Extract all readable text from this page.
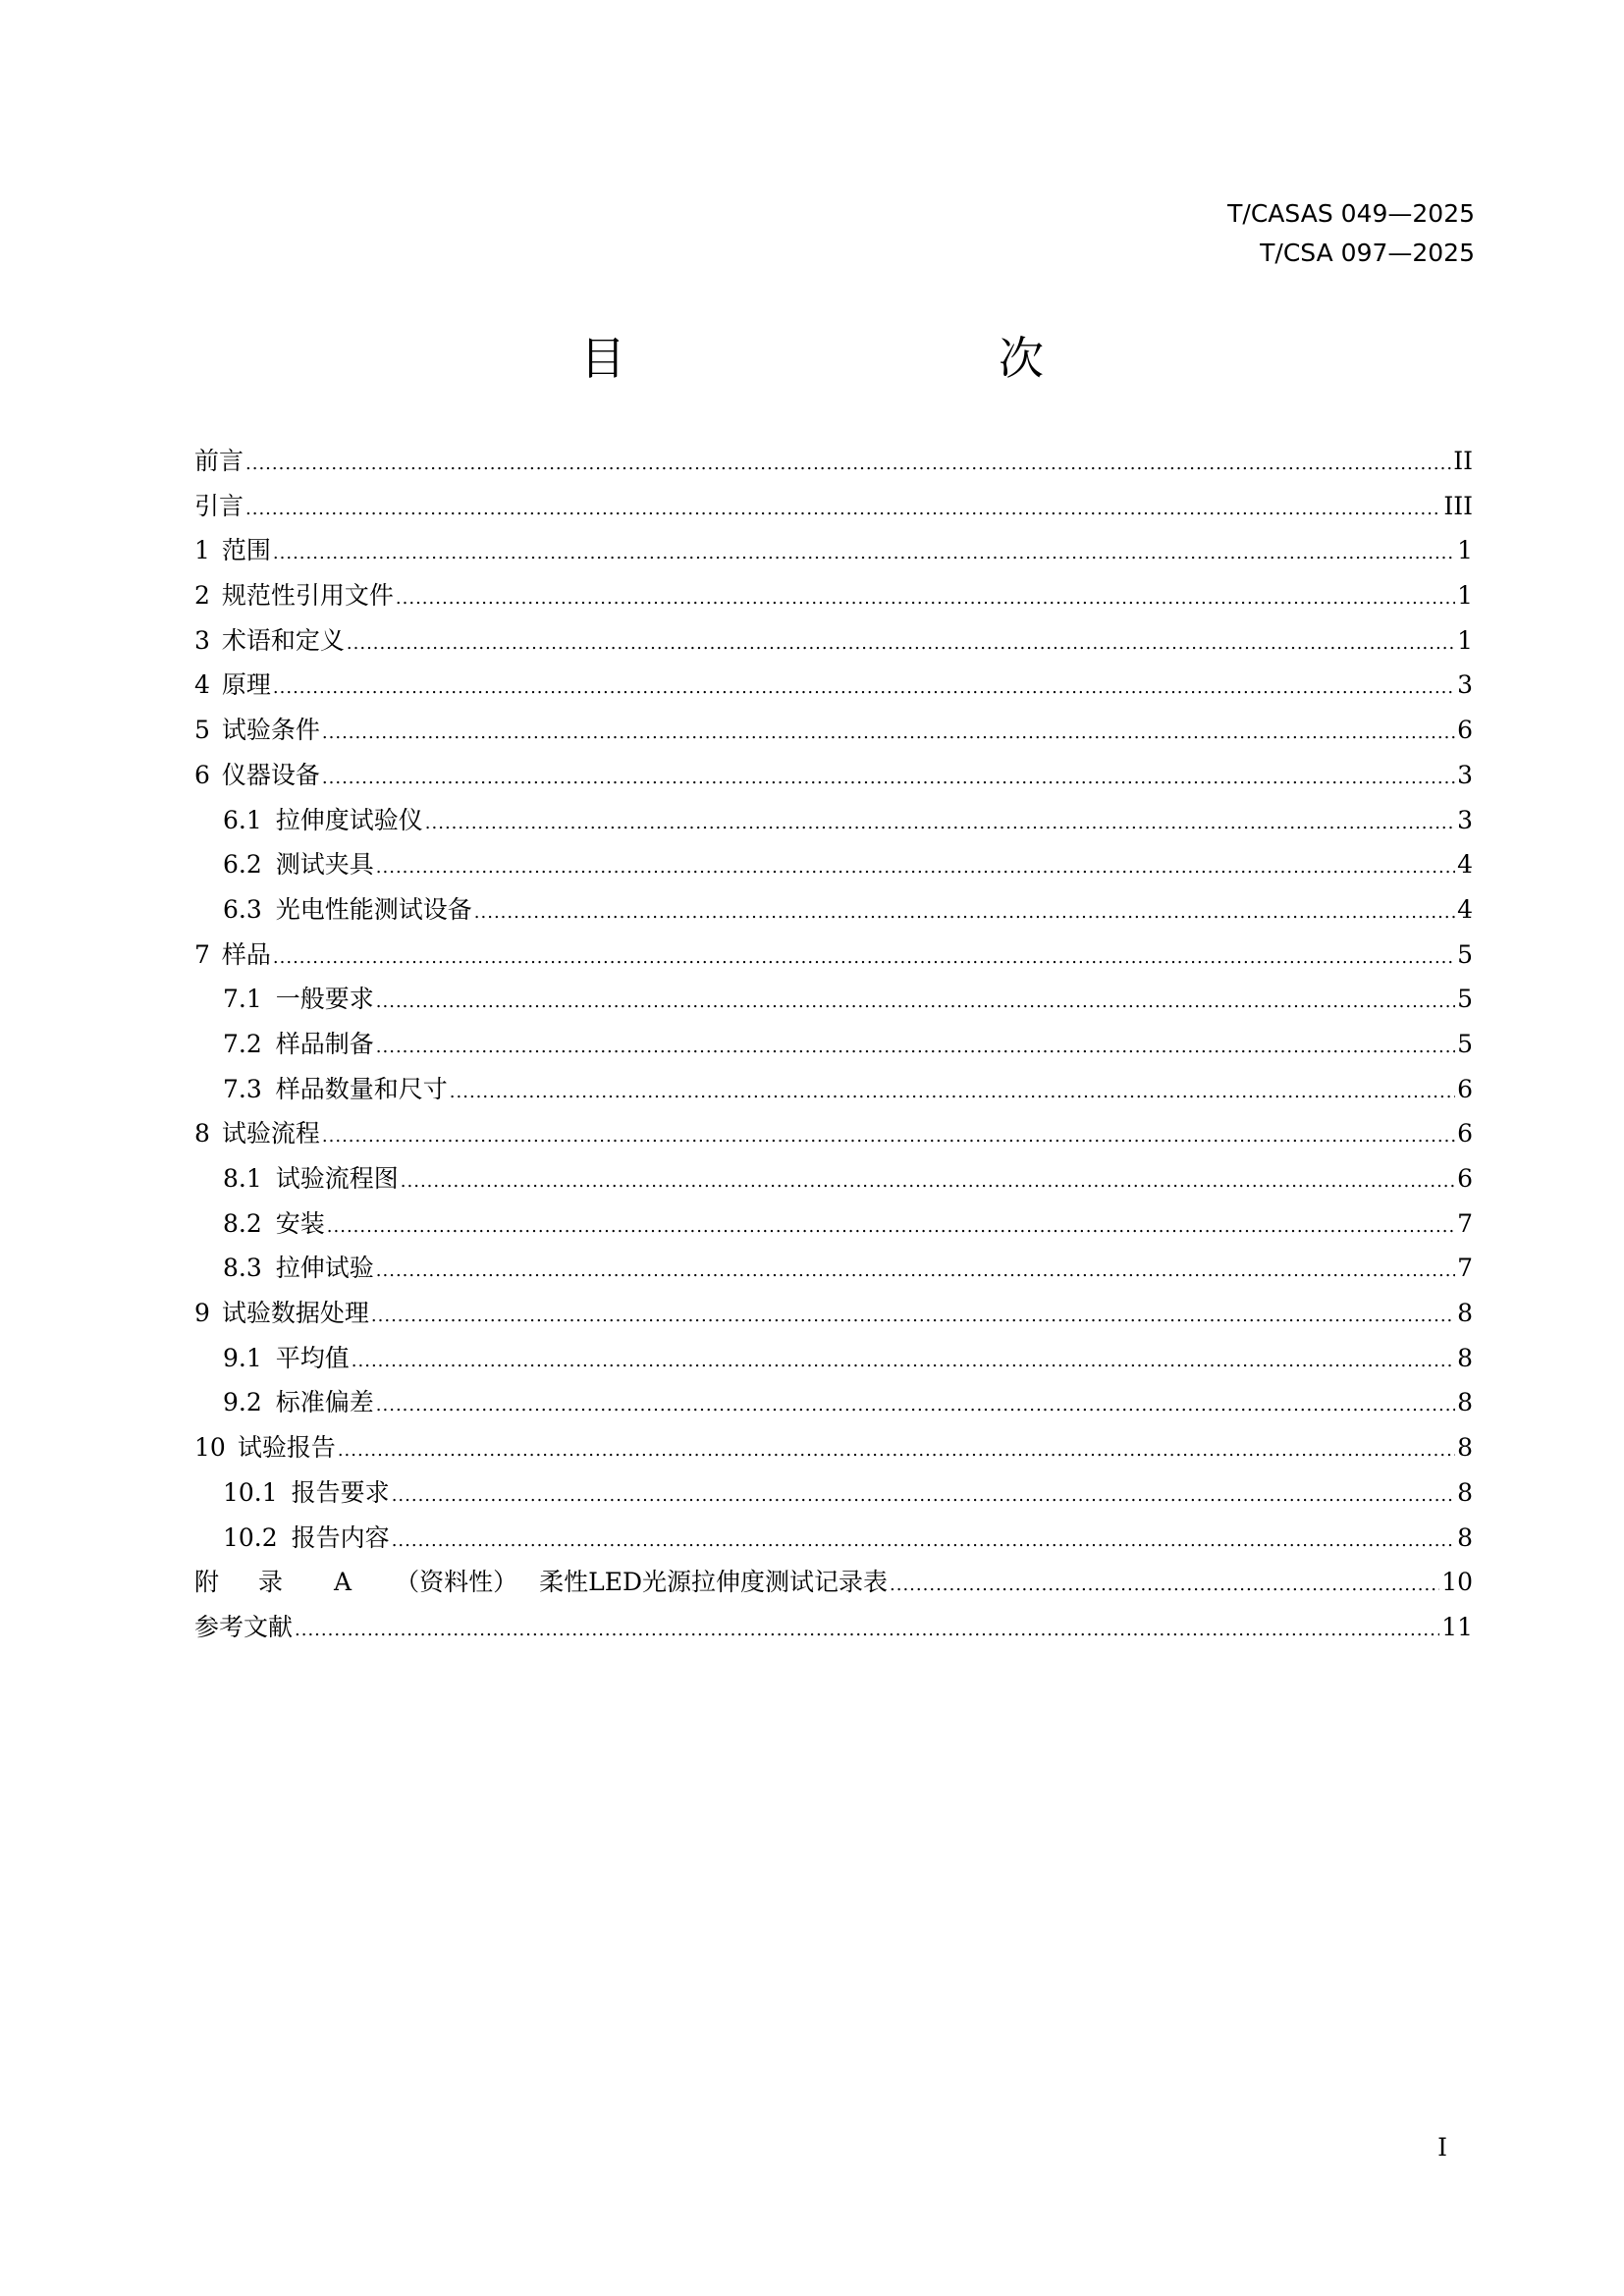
T/CASAS 049—2025
T/CSA 097—2025
目　　次
前言 .....	II
引言 .....	III
1 范围 .....	1
2 规范性引用文件 .....	1
3 术语和定义 .....	1
4 原理 .....	3
5 试验条件 .....	6
6 仪器设备 .....	3
6.1 拉伸度试验仪 .....	3
6.2 测试夹具 .....	4
6.3 光电性能测试设备 .....	4
7 样品 .....	5
7.1 一般要求 .....	5
7.2 样品制备 .....	5
7.3 样品数量和尺寸 .....	6
8 试验流程 .....	6
8.1 试验流程图 .....	6
8.2 安装 .....	7
8.3 拉伸试验 .....	7
9 试验数据处理 .....	8
9.1 平均值 .....	8
9.2 标准偏差 .....	8
10 试验报告 .....	8
10.1 报告要求 .....	8
10.2 报告内容 .....	8
附 录 A （资料性） 柔性LED光源拉伸度测试记录表 .....	10
参考文献 .....	11
I
